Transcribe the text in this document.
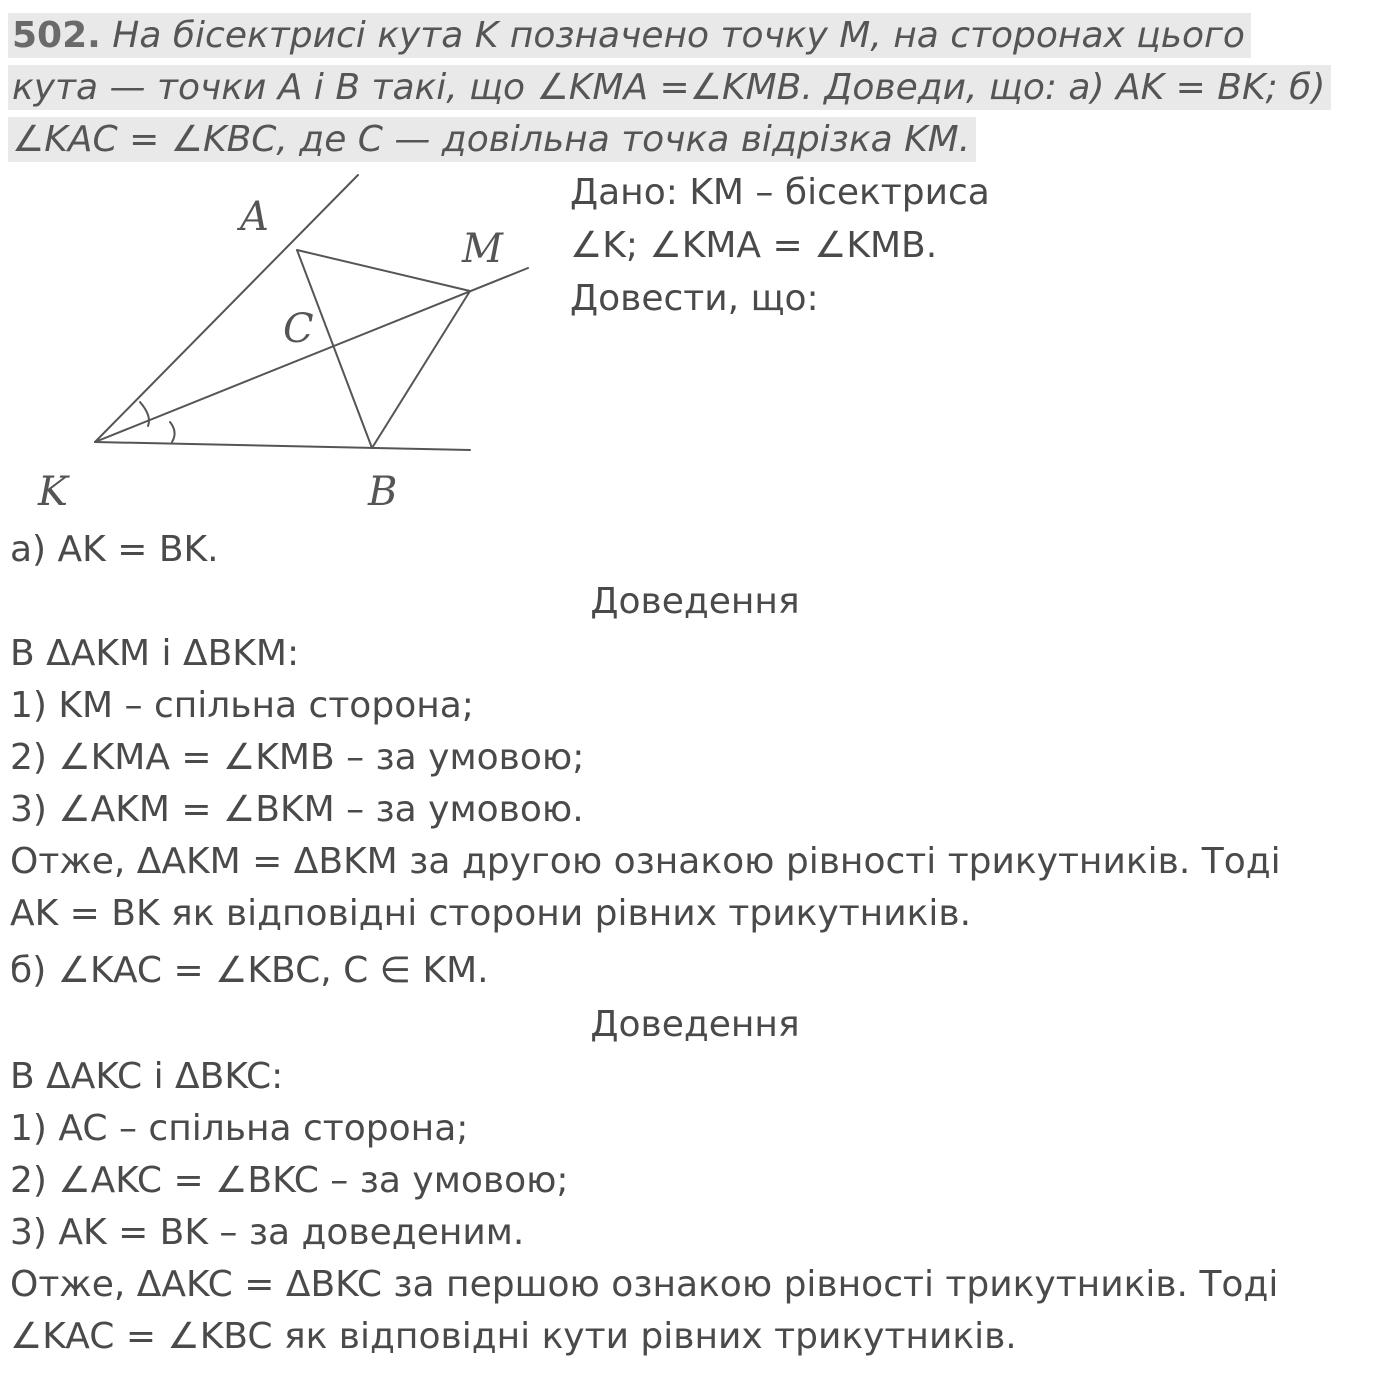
502. На бісектрисі кута K позначено точку M, на сторонах цього
кута — точки A і B такі, що ∠KMA =∠KMB. Доведи, що: а) AK = BK; б)
∠KAC = ∠KBC, де C — довільна точка відрізка KM.
A
M
C
K	B
Дано: KM – бісектриса
∠K; ∠KMA = ∠KMB.
Довести, що:
а) AK = BK.
Доведення
В ΔAKM і ΔBKM:
1) KM – спільна сторона;
2) ∠KMA = ∠KMB – за умовою;
3) ∠AKM = ∠BKM – за умовою.
Отже, ΔAKM = ΔBKM за другою ознакою рівності трикутників. Тоді
AK = BK як відповідні сторони рівних трикутників.
б) ∠KAC = ∠KBC, C ∈ KM.
Доведення
В ΔAKC і ΔBKC:
1) AC – спільна сторона;
2) ∠AKC = ∠BKC – за умовою;
3) AK = BK – за доведеним.
Отже, ΔAKC = ΔBKC за першою ознакою рівності трикутників. Тоді
∠KAC = ∠KBC як відповідні кути рівних трикутників.
